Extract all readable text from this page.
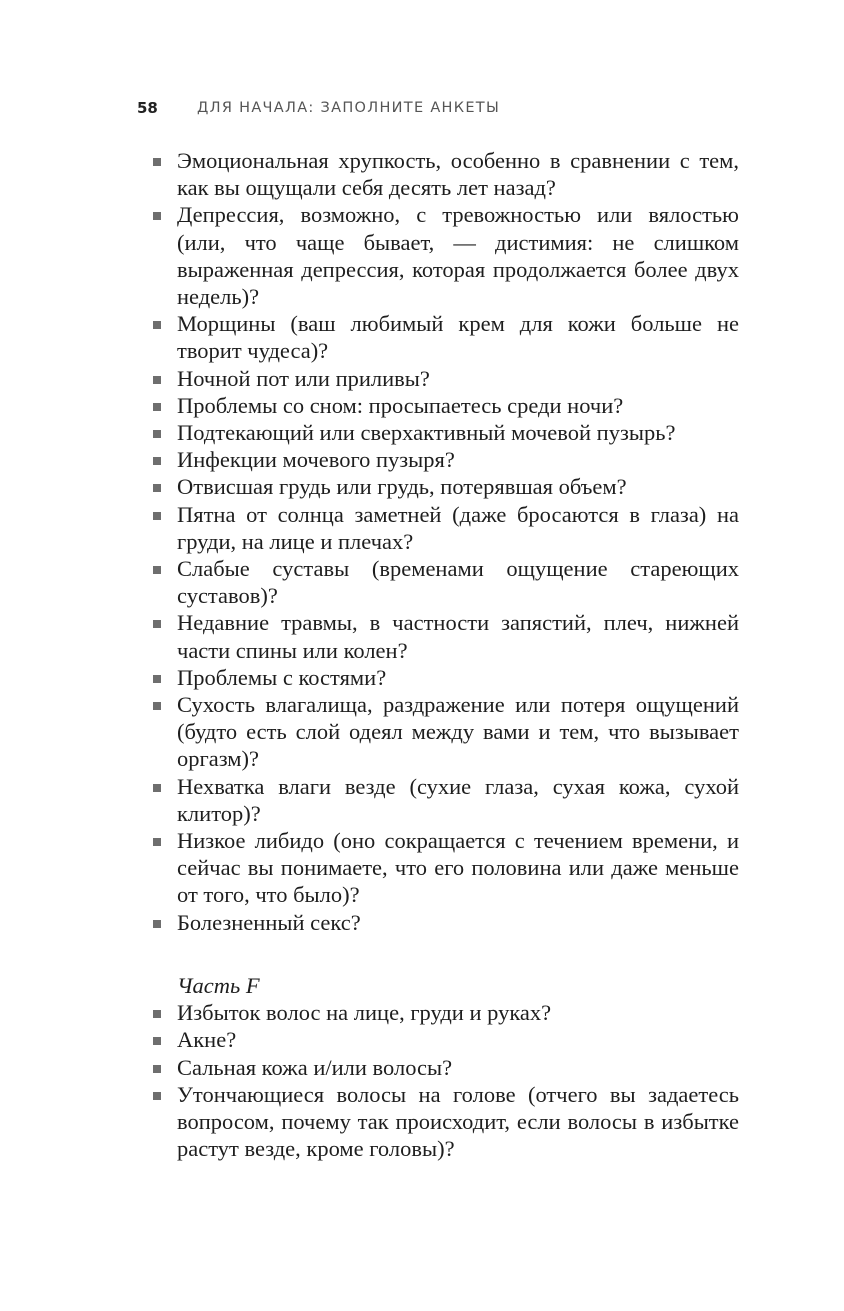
58	ДЛЯ НАЧАЛА: ЗАПОЛНИТЕ АНКЕТЫ
Эмоциональная хрупкость, особенно в сравнении с тем, как вы ощущали себя десять лет назад?
Депрессия, возможно, с тревожностью или вялостью (или, что чаще бывает, — дистимия: не слишком выраженная депрессия, которая продолжается более двух недель)?
Морщины (ваш любимый крем для кожи больше не творит чудеса)?
Ночной пот или приливы?
Проблемы со сном: просыпаетесь среди ночи?
Подтекающий или сверхактивный мочевой пузырь?
Инфекции мочевого пузыря?
Отвисшая грудь или грудь, потерявшая объем?
Пятна от солнца заметней (даже бросаются в глаза) на груди, на лице и плечах?
Слабые суставы (временами ощущение стареющих суставов)?
Недавние травмы, в частности запястий, плеч, нижней части спины или колен?
Проблемы с костями?
Сухость влагалища, раздражение или потеря ощущений (будто есть слой одеял между вами и тем, что вызывает оргазм)?
Нехватка влаги везде (сухие глаза, сухая кожа, сухой клитор)?
Низкое либидо (оно сокращается с течением времени, и сейчас вы понимаете, что его половина или даже меньше от того, что было)?
Болезненный секс?
Часть F
Избыток волос на лице, груди и руках?
Акне?
Сальная кожа и/или волосы?
Утончающиеся волосы на голове (отчего вы задаетесь вопросом, почему так происходит, если волосы в избытке растут везде, кроме головы)?
